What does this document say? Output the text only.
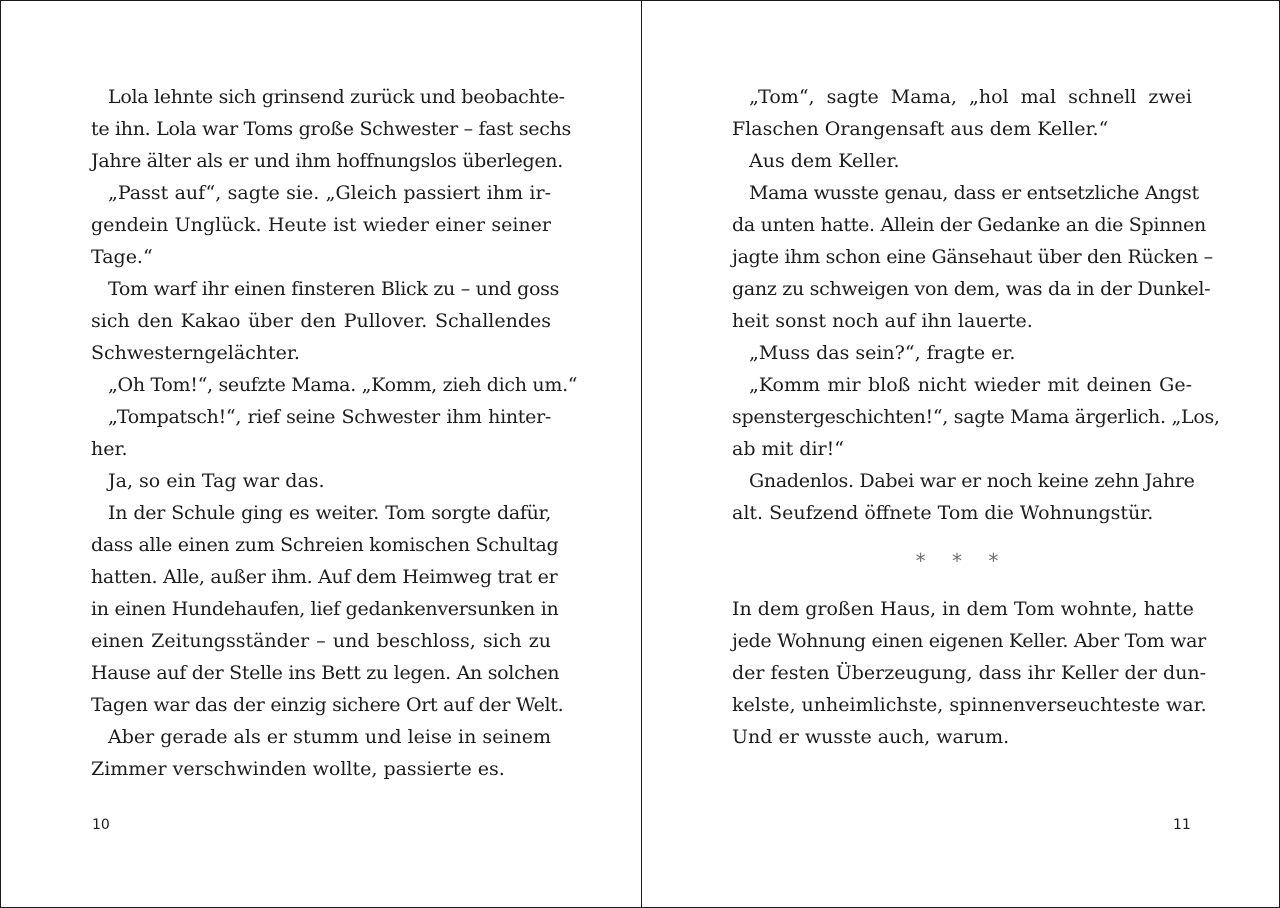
Lola lehnte sich grinsend zurück und beobachte-
te ihn. Lola war Toms große Schwester – fast sechs
Jahre älter als er und ihm hoffnungslos überlegen.
„Passt auf“, sagte sie. „Gleich passiert ihm ir-
gendein Unglück. Heute ist wieder einer seiner
Tage.“
Tom warf ihr einen finsteren Blick zu – und goss
sich den Kakao über den Pullover. Schallendes
Schwesterngelächter.
„Oh Tom!“, seufzte Mama. „Komm, zieh dich um.“
„Tompatsch!“, rief seine Schwester ihm hinter-
her.
Ja, so ein Tag war das.
In der Schule ging es weiter. Tom sorgte dafür,
dass alle einen zum Schreien komischen Schultag
hatten. Alle, außer ihm. Auf dem Heimweg trat er
in einen Hundehaufen, lief gedankenversunken in
einen Zeitungsständer – und beschloss, sich zu
Hause auf der Stelle ins Bett zu legen. An solchen
Tagen war das der einzig sichere Ort auf der Welt.
Aber gerade als er stumm und leise in seinem
Zimmer verschwinden wollte, passierte es.
10
„Tom“, sagte Mama, „hol mal schnell zwei
Flaschen Orangensaft aus dem Keller.“
Aus dem Keller.
Mama wusste genau, dass er entsetzliche Angst
da unten hatte. Allein der Gedanke an die Spinnen
jagte ihm schon eine Gänsehaut über den Rücken –
ganz zu schweigen von dem, was da in der Dunkel-
heit sonst noch auf ihn lauerte.
„Muss das sein?“, fragte er.
„Komm mir bloß nicht wieder mit deinen Ge-
spenstergeschichten!“, sagte Mama ärgerlich. „Los,
ab mit dir!“
Gnadenlos. Dabei war er noch keine zehn Jahre
alt. Seufzend öffnete Tom die Wohnungstür.
* * *
In dem großen Haus, in dem Tom wohnte, hatte
jede Wohnung einen eigenen Keller. Aber Tom war
der festen Überzeugung, dass ihr Keller der dun-
kelste, unheimlichste, spinnenverseuchteste war.
Und er wusste auch, warum.
11
